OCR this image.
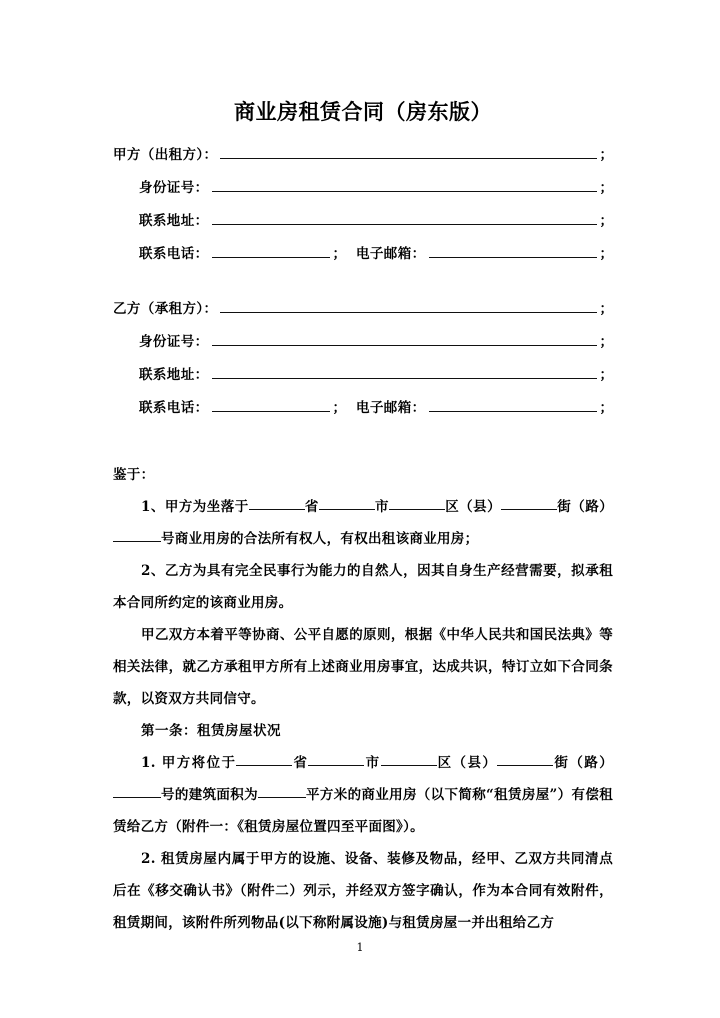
商业房租赁合同（房东版）
甲方（出租方）：	；
身份证号：	；
联系地址：	；
联系电话：	； 电子邮箱：	；
乙方（承租方）：	；
身份证号：	；
联系地址：	；
联系电话：	； 电子邮箱：	；

鉴于：

1、甲方为坐落于	省	市	区（县）	街（路）号商业用房的合法所有权人，有权出租该商业用房；

2、乙方为具有完全民事行为能力的自然人，因其自身生产经营需要，拟承租本合同所约定的该商业用房。

甲乙双方本着平等协商、公平自愿的原则，根据《中华人民共和国民法典》等相关法律，就乙方承租甲方所有上述商业用房事宜，达成共识，特订立如下合同条款，以资双方共同信守。

第一条：租赁房屋状况

1. 甲方将位于	省	市	区（县）	街（路）号的建筑面积为	平方米的商业用房（以下简称“租赁房屋”）有偿租赁给乙方（附件一：《租赁房屋位置四至平面图》）。

2. 租赁房屋内属于甲方的设施、设备、装修及物品，经甲、乙双方共同清点后在《移交确认书》（附件二）列示，并经双方签字确认，作为本合同有效附件，租赁期间，该附件所列物品(以下称附属设施)与租赁房屋一并出租给乙方

1
